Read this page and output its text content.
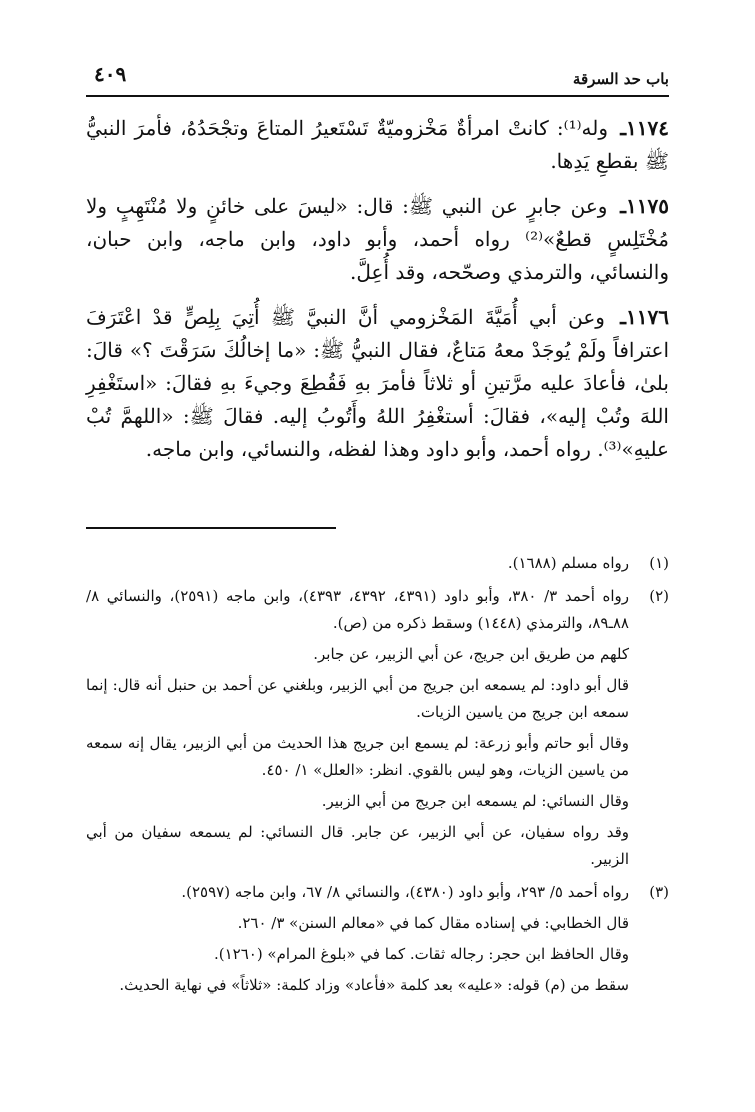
باب حد السرقة
٤٠٩

١١٧٤ـ وله⁽¹⁾: كانتْ امرأةٌ مَخْزوميّةٌ تَسْتَعيرُ المتاعَ وتجْحَدُهُ، فأمرَ النبيُّ ﷺ بقطعِ يَدِها.

١١٧٥ـ وعن جابرٍ عن النبي ﷺ: قال: «ليسَ على خائنٍ ولا مُنْتَهِبٍ ولا مُخْتَلِسٍ قطعٌ»⁽²⁾ رواه أحمد، وأبو داود، وابن ماجه، وابن حبان، والنسائي، والترمذي وصحّحه، وقد أُعِلَّ.

١١٧٦ـ وعن أبي أُمَيَّةَ المَخْزومي أنَّ النبيَّ ﷺ أُتِيَ بِلِصٍّ قدْ اعْتَرَفَ اعترافاً ولَمْ يُوجَدْ معهُ مَتاعٌ، فقال النبيُّ ﷺ: «ما إخالُكَ سَرَقْتَ ؟» قالَ: بلىٰ، فأعادَ عليه مرَّتينِ أو ثلاثاً فأمرَ بهِ فَقُطِعَ وجيءَ بهِ فقالَ: «استَغْفِرِ اللهَ وتُبْ إليه»، فقالَ: أستغْفِرُ اللهُ وأَتُوبُ إليه. فقالَ ﷺ: «اللهمَّ تُبْ عليهِ»⁽³⁾. رواه أحمد، وأبو داود وهذا لفظه، والنسائي، وابن ماجه.

(١)

رواه مسلم (١٦٨٨).

(٢)

رواه أحمد ٣/ ٣٨٠، وأبو داود (٤٣٩١، ٤٣٩٢، ٤٣٩٣)، وابن ماجه (٢٥٩١)، والنسائي ٨/ ٨٨ـ٨٩، والترمذي (١٤٤٨) وسقط ذكره من (ص).

كلهم من طريق ابن جريج، عن أبي الزبير، عن جابر.

قال أبو داود: لم يسمعه ابن جريج من أبي الزبير، وبلغني عن أحمد بن حنبل أنه قال: إنما سمعه ابن جريج من ياسين الزيات.

وقال أبو حاتم وأبو زرعة: لم يسمع ابن جريج هذا الحديث من أبي الزبير، يقال إنه سمعه من ياسين الزيات، وهو ليس بالقوي. انظر: «العلل» ١/ ٤٥٠.

وقال النسائي: لم يسمعه ابن جريج من أبي الزبير.

وقد رواه سفيان، عن أبي الزبير، عن جابر. قال النسائي: لم يسمعه سفيان من أبي الزبير.

(٣)

رواه أحمد ٥/ ٢٩٣، وأبو داود (٤٣٨٠)، والنسائي ٨/ ٦٧، وابن ماجه (٢٥٩٧).

قال الخطابي: في إسناده مقال كما في «معالم السنن» ٣/ ٢٦٠.

وقال الحافظ ابن حجر: رجاله ثقات. كما في «بلوغ المرام» (١٢٦٠).

سقط من (م) قوله: «عليه» بعد كلمة «فأعاد» وزاد كلمة: «ثلاثاً» في نهاية الحديث.
